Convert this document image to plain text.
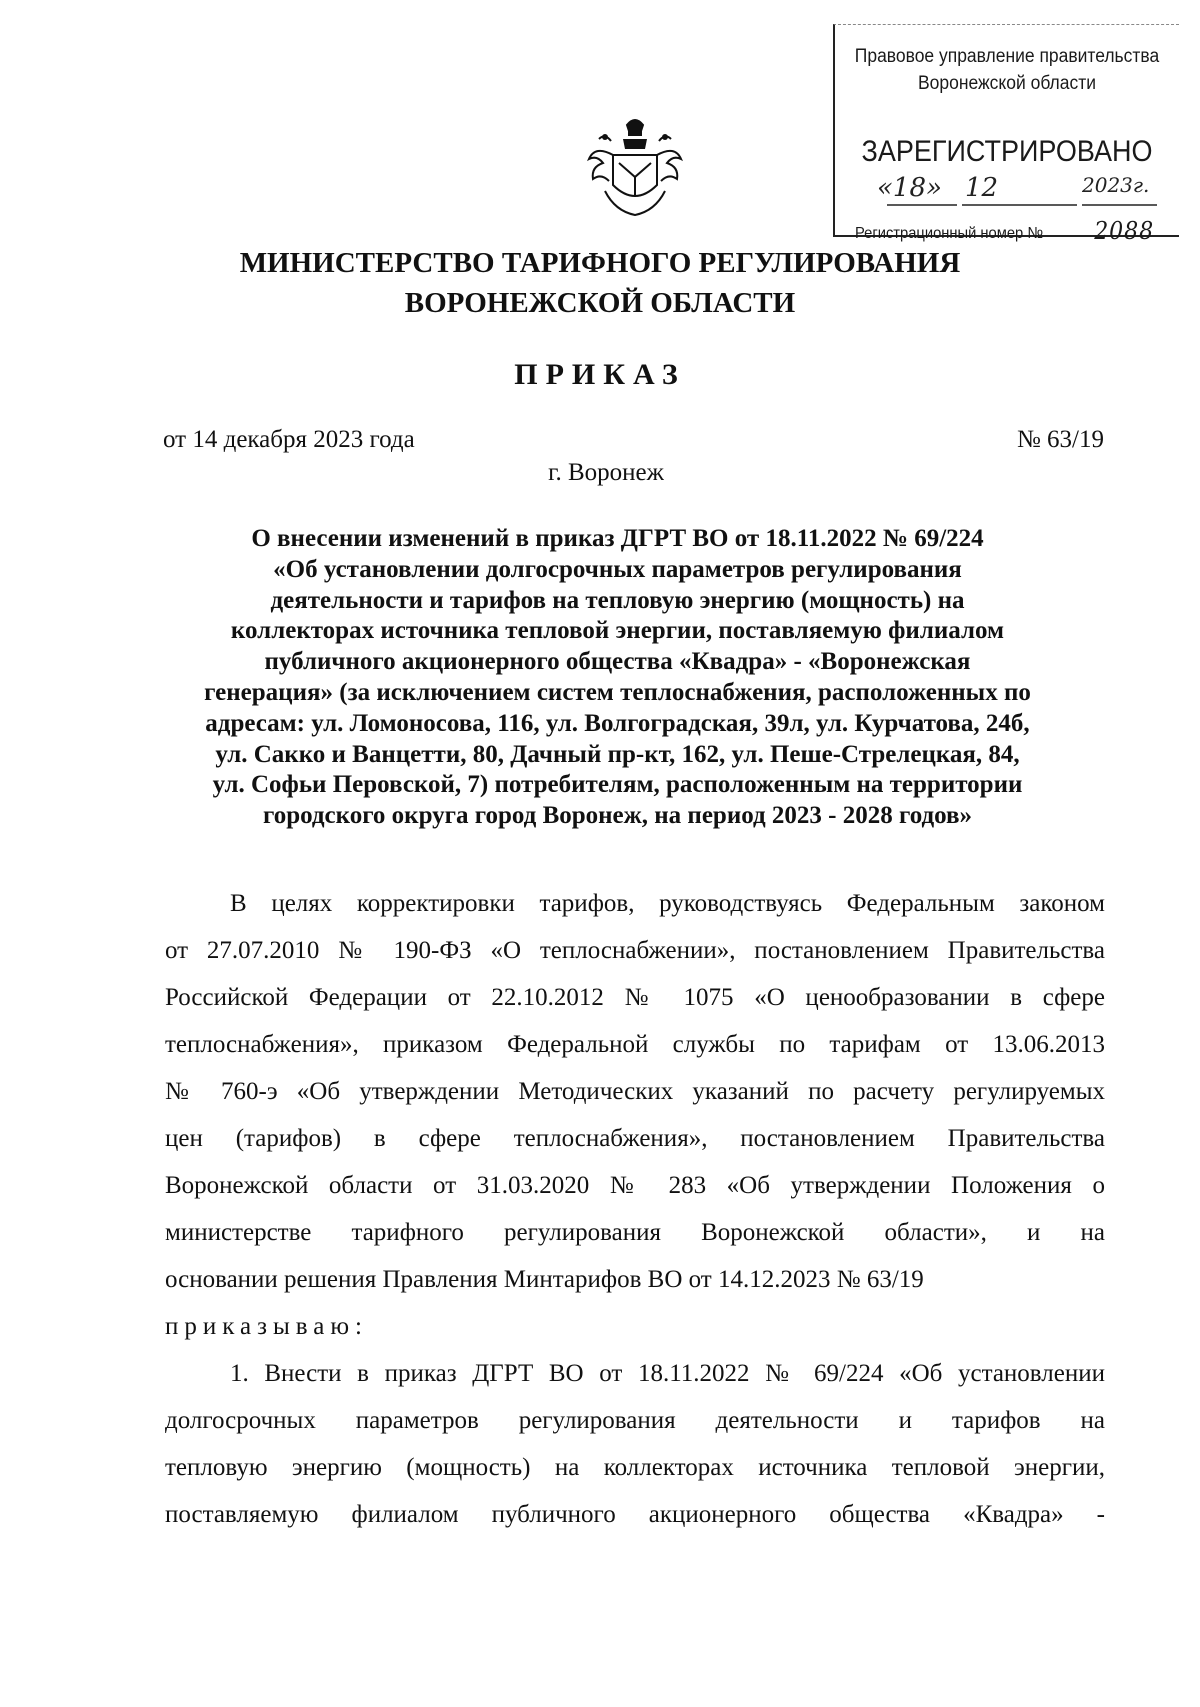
Правовое управление правительства
Воронежской области
ЗАРЕГИСТРИРОВАНО
«18» 12	2023г.
Регистрационный номер № 2088
МИНИСТЕРСТВО ТАРИФНОГО РЕГУЛИРОВАНИЯ
ВОРОНЕЖСКОЙ ОБЛАСТИ
ПРИКАЗ
от 14 декабря 2023 года	№ 63/19
г. Воронеж
О внесении изменений в приказ ДГРТ ВО от 18.11.2022 № 69/224
«Об установлении долгосрочных параметров регулирования
деятельности и тарифов на тепловую энергию (мощность) на
коллекторах источника тепловой энергии, поставляемую филиалом
публичного акционерного общества «Квадра» - «Воронежская
генерация» (за исключением систем теплоснабжения, расположенных по
адресам: ул. Ломоносова, 116, ул. Волгоградская, 39л, ул. Курчатова, 24б,
ул. Сакко и Ванцетти, 80, Дачный пр-кт, 162, ул. Пеше-Стрелецкая, 84,
ул. Софьи Перовской, 7) потребителям, расположенным на территории
городского округа город Воронеж, на период 2023 - 2028 годов»
В целях корректировки тарифов, руководствуясь Федеральным законом
от 27.07.2010 № 190-ФЗ «О теплоснабжении», постановлением Правительства
Российской Федерации от 22.10.2012 № 1075 «О ценообразовании в сфере
теплоснабжения», приказом Федеральной службы по тарифам от 13.06.2013
№ 760-э «Об утверждении Методических указаний по расчету регулируемых
цен (тарифов) в сфере теплоснабжения», постановлением Правительства
Воронежской области от 31.03.2020 № 283 «Об утверждении Положения о
министерстве тарифного регулирования Воронежской области», и на
основании решения Правления Минтарифов ВО от 14.12.2023 № 63/19
приказываю:
1. Внести в приказ ДГРТ ВО от 18.11.2022 № 69/224 «Об установлении
долгосрочных параметров регулирования деятельности и тарифов на
тепловую энергию (мощность) на коллекторах источника тепловой энергии,
поставляемую филиалом публичного акционерного общества «Квадра» -
